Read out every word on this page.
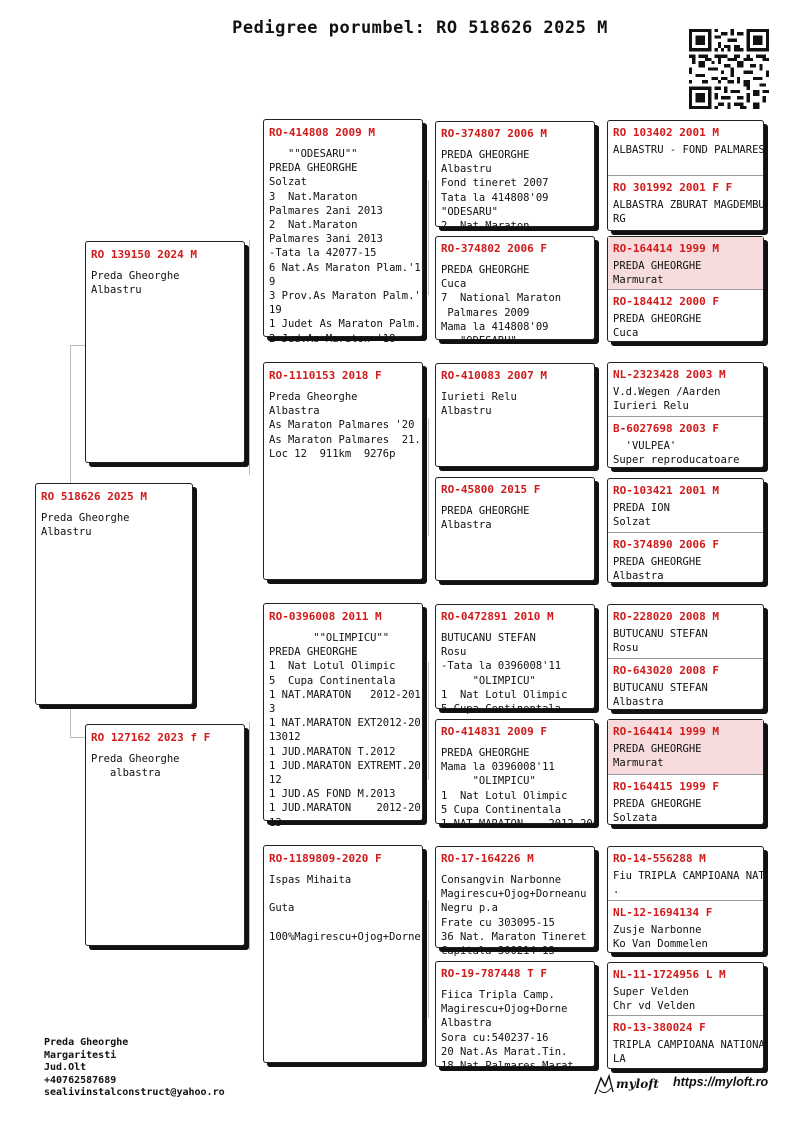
Pedigree porumbel: RO 518626 2025 M
RO 518626 2025 M
Preda Gheorghe
Albastru
RO 139150 2024 M
Preda Gheorghe
Albastru
RO 127162 2023 f F
Preda Gheorghe
albastra
RO-414808 2009 M
""ODESARU""
PREDA GHEORGHE
Solzat
3  Nat.Maraton
Palmares 2ani 2013
2  Nat.Maraton
Palmares 3ani 2013
-Tata la 42077-15
6 Nat.As Maraton Plam.'1
9
3 Prov.As Maraton Palm.'
19
1 Judet As Maraton Palm.
2 Jud.As Maraton '18
RO-1110153 2018 F
Preda Gheorghe
Albastra
As Maraton Palmares '20
As Maraton Palmares  21.
Loc 12  911km  9276p
RO-0396008 2011 M
""OLIMPICU""
PREDA GHEORGHE
1  Nat Lotul Olimpic
5  Cupa Continentala
1 NAT.MARATON   2012-201
3
1 NAT.MARATON EXT2012-20
13012
1 JUD.MARATON T.2012
1 JUD.MARATON EXTREMT.20
12
1 JUD.AS FOND M.2013
1 JUD.MARATON    2012-20
13
RO-1189809-2020 F
Ispas Mihaita

Guta

100%Magirescu+Ojog+Dorne
RO-374807 2006 M
PREDA GHEORGHE
Albastru
Fond tineret 2007
Tata la 414808'09
"ODESARU"
2  Nat.Maraton
RO-374802 2006 F
PREDA GHEORGHE
Cuca
7  National Maraton
Palmares 2009
Mama la 414808'09
"ODESARU"
RO-410083 2007 M
Iurieti Relu
Albastru
RO-45800 2015 F
PREDA GHEORGHE
Albastra
RO-0472891 2010 M
BUTUCANU STEFAN
Rosu
-Tata la 0396008'11
"OLIMPICU"
1  Nat Lotul Olimpic
5 Cupa Continentala
RO-414831 2009 F
PREDA GHEORGHE
Mama la 0396008'11
"OLIMPICU"
1  Nat Lotul Olimpic
5 Cupa Continentala
1 NAT.MARATON    2012-20
RO-17-164226 M
Consangvin Narbonne
Magirescu+Ojog+Dorneanu
Negru p.a
Frate cu 303095-15
36 Nat. Maraton Tineret
Capitala 300214-13
RO-19-787448 T F
Fiica Tripla Camp.
Magirescu+Ojog+Dorne
Albastra
Sora cu:540237-16
20 Nat.As Marat.Tin.
18 Nat.Palmares Marat
RO 103402 2001 M
ALBASTRU - FOND PALMARES
RO 301992 2001 F F
ALBASTRA ZBURAT MAGDEMBU
RG
RO-164414 1999 M
PREDA GHEORGHE
Marmurat
RO-184412 2000 F
PREDA GHEORGHE
Cuca
NL-2323428 2003 M
V.d.Wegen /Aarden
Iurieri Relu
B-6027698 2003 F
'VULPEA'
Super reproducatoare
RO-103421 2001 M
PREDA ION
Solzat
RO-374890 2006 F
PREDA GHEORGHE
Albastra
RO-228020 2008 M
BUTUCANU STEFAN
Rosu
RO-643020 2008 F
BUTUCANU STEFAN
Albastra
RO-164414 1999 M
PREDA GHEORGHE
Marmurat
RO-164415 1999 F
PREDA GHEORGHE
Solzata
RO-14-556288 M
Fiu TRIPLA CAMPIOANA NAT
.
NL-12-1694134 F
Zusje Narbonne
Ko Van Dommelen
NL-11-1724956 L M
Super Velden
Chr vd Velden
RO-13-380024 F
TRIPLA CAMPIOANA NATIONA
LA
Preda Gheorghe
Margaritesti
Jud.Olt
+40762587689
sealivinstalconstruct@yahoo.ro
myloft https://myloft.ro
